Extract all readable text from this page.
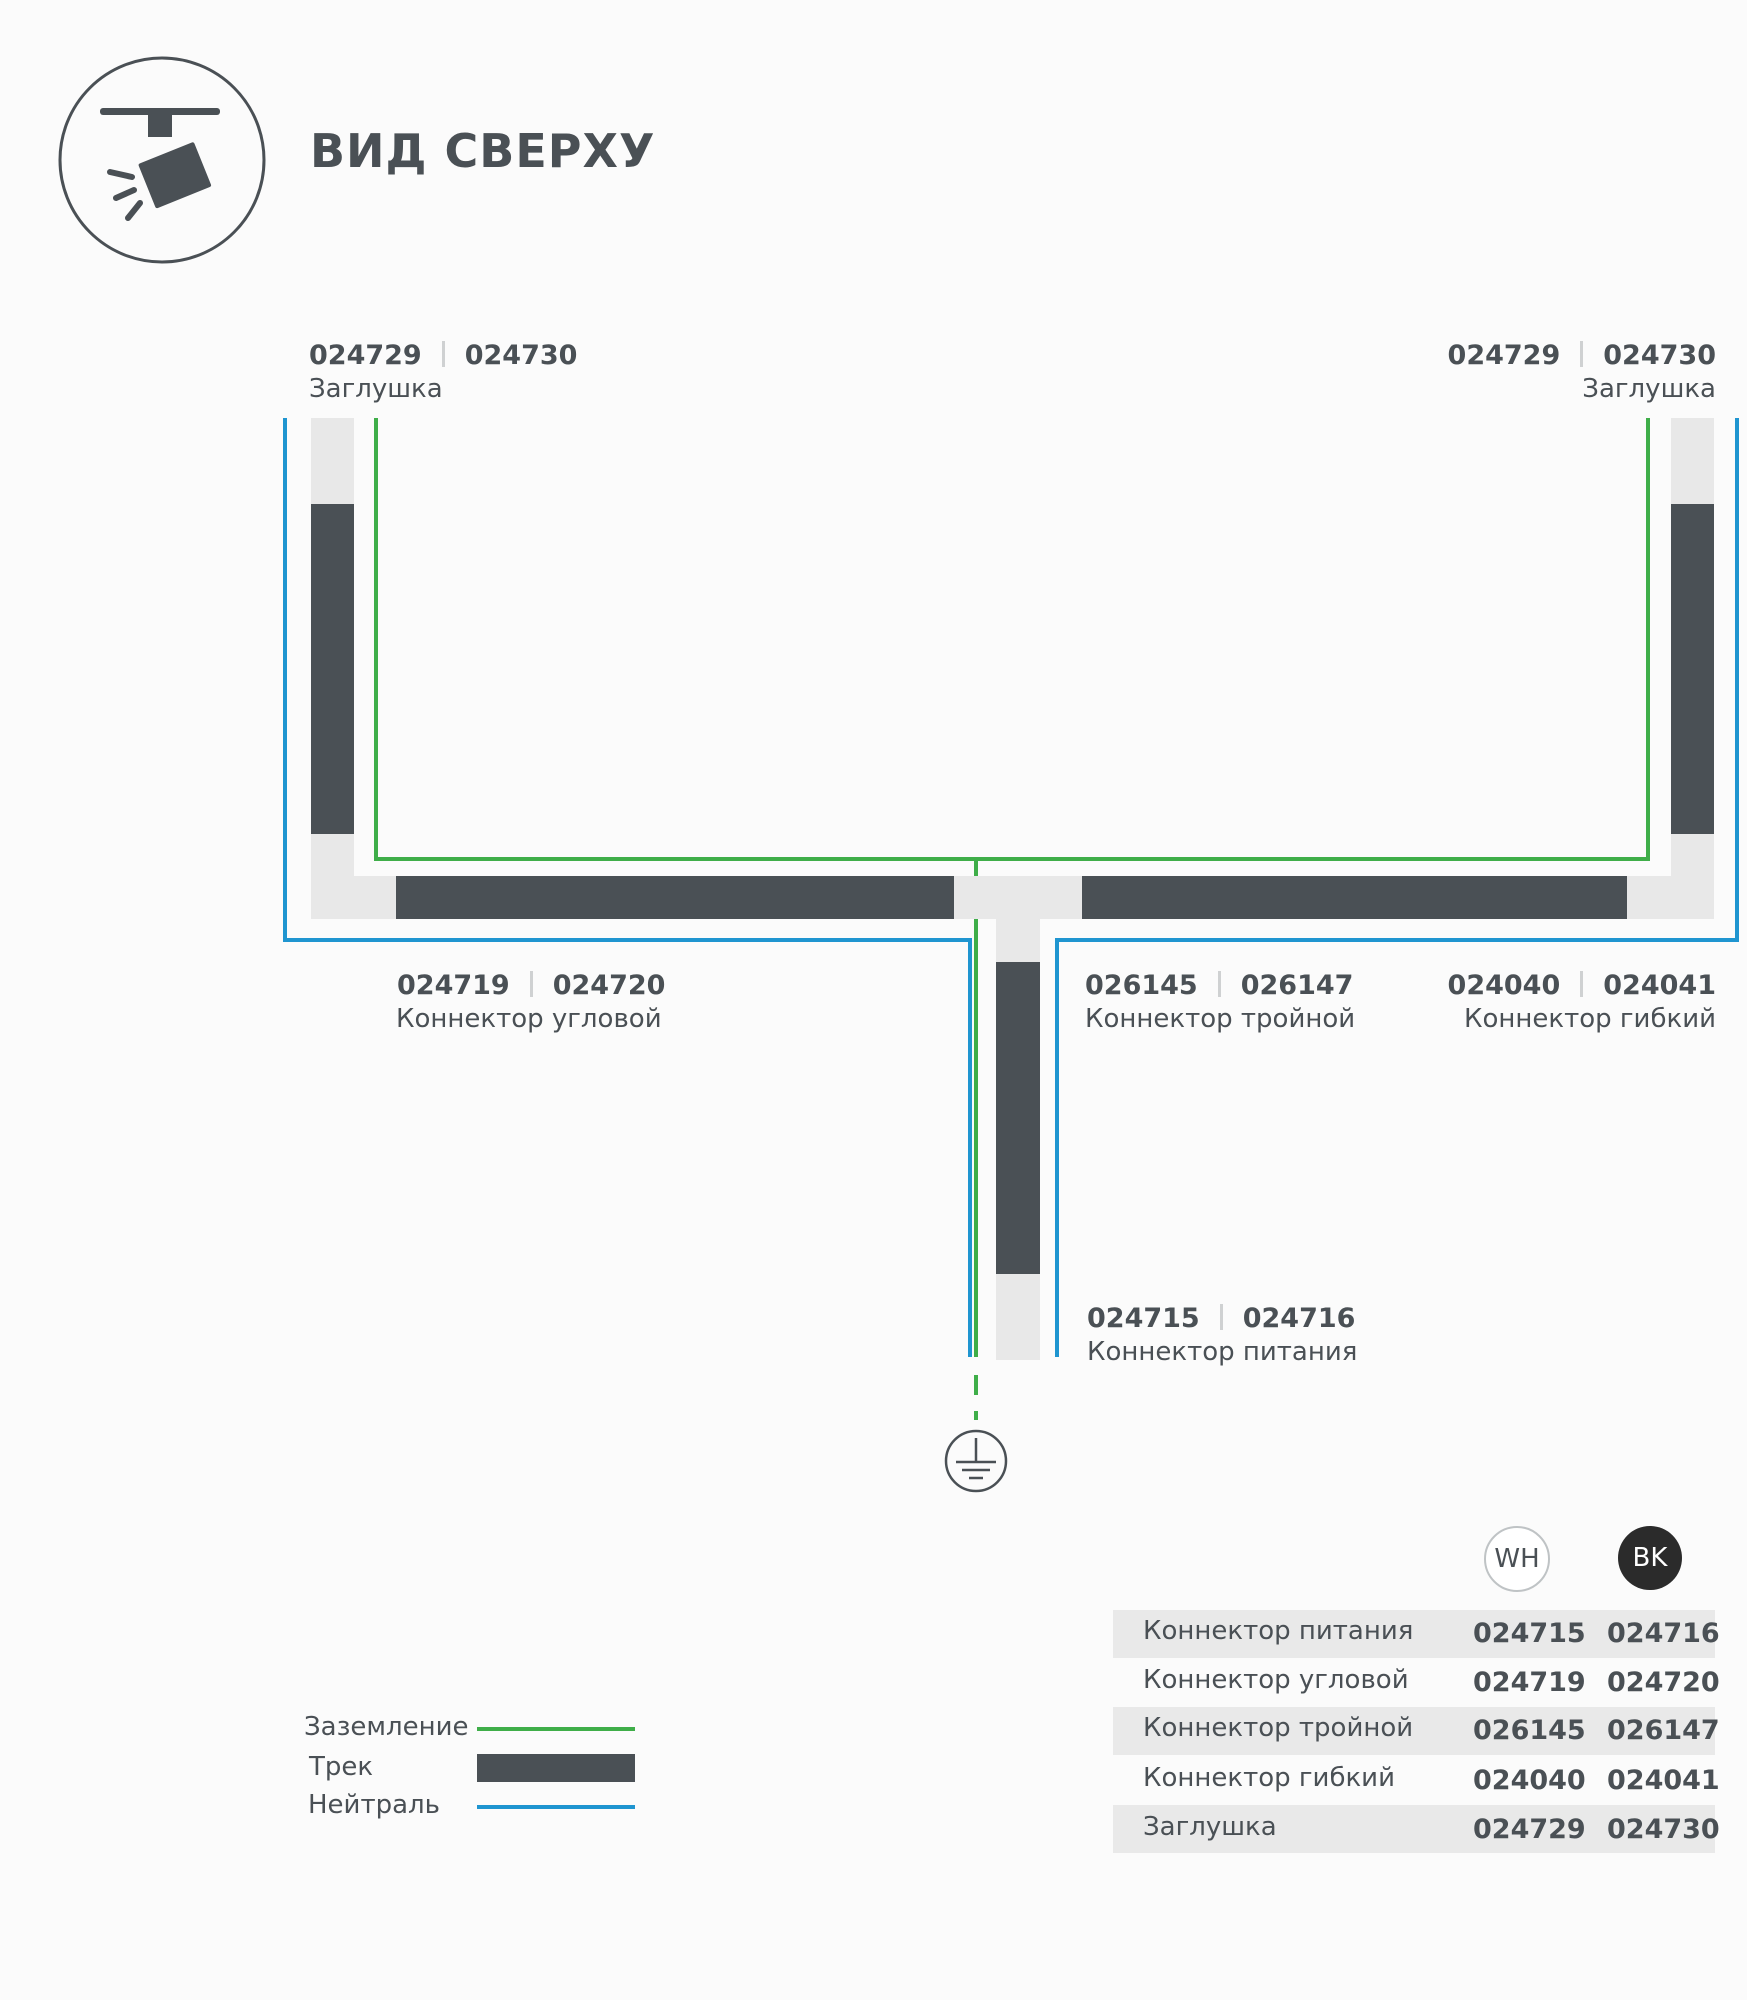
ВИД СВЕРХУ
024729 024730
Заглушка
024729 024730
Заглушка
024719 024720
Коннектор угловой
026145 026147
Коннектор тройной
024040 024041
Коннектор гибкий
024715 024716
Коннектор питания
Заземление
Трек
Нейтраль
WH	BK
Коннектор питания 024715 024716
Коннектор угловой 024719 024720
Коннектор тройной 026145 026147
Коннектор гибкий	024040 024041
Заглушка	024729 024730
